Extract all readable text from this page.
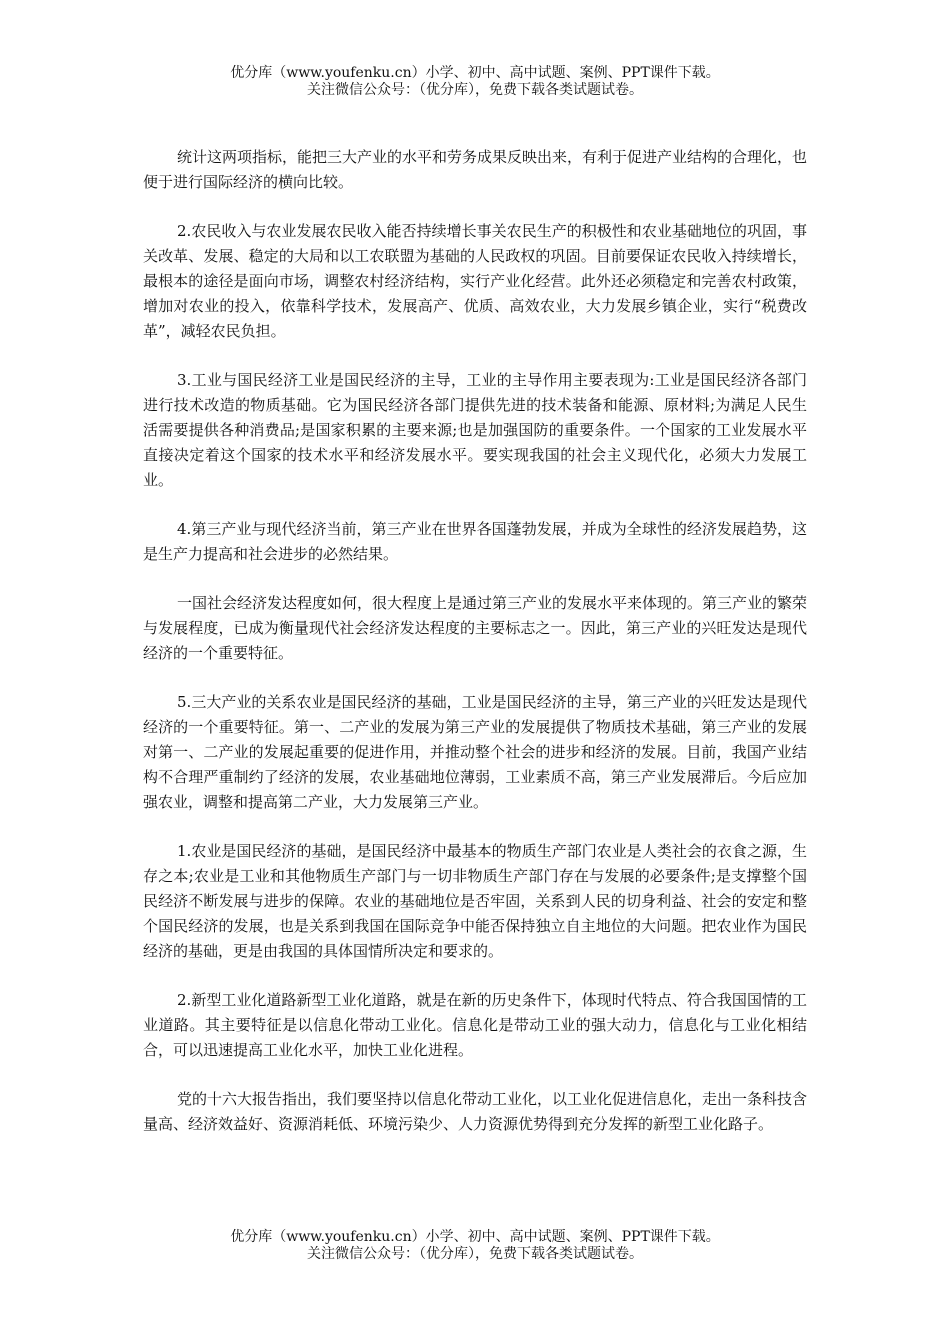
优分库（www.youfenku.cn）小学、初中、高中试题、案例、PPT课件下载。
关注微信公众号：（优分库），免费下载各类试题试卷。

统计这两项指标，能把三大产业的水平和劳务成果反映出来，有利于促进产业结构的合理化，也便于进行国际经济的横向比较。

2.农民收入与农业发展农民收入能否持续增长事关农民生产的积极性和农业基础地位的巩固，事关改革、发展、稳定的大局和以工农联盟为基础的人民政权的巩固。目前要保证农民收入持续增长，最根本的途径是面向市场，调整农村经济结构，实行产业化经营。此外还必须稳定和完善农村政策，增加对农业的投入，依靠科学技术，发展高产、优质、高效农业，大力发展乡镇企业，实行“税费改革”，减轻农民负担。

3.工业与国民经济工业是国民经济的主导，工业的主导作用主要表现为:工业是国民经济各部门进行技术改造的物质基础。它为国民经济各部门提供先进的技术装备和能源、原材料;为满足人民生活需要提供各种消费品;是国家积累的主要来源;也是加强国防的重要条件。一个国家的工业发展水平直接决定着这个国家的技术水平和经济发展水平。要实现我国的社会主义现代化，必须大力发展工业。

4.第三产业与现代经济当前，第三产业在世界各国蓬勃发展，并成为全球性的经济发展趋势，这是生产力提高和社会进步的必然结果。

一国社会经济发达程度如何，很大程度上是通过第三产业的发展水平来体现的。第三产业的繁荣与发展程度，已成为衡量现代社会经济发达程度的主要标志之一。因此，第三产业的兴旺发达是现代经济的一个重要特征。

5.三大产业的关系农业是国民经济的基础，工业是国民经济的主导，第三产业的兴旺发达是现代经济的一个重要特征。第一、二产业的发展为第三产业的发展提供了物质技术基础，第三产业的发展对第一、二产业的发展起重要的促进作用，并推动整个社会的进步和经济的发展。目前，我国产业结构不合理严重制约了经济的发展，农业基础地位薄弱，工业素质不高，第三产业发展滞后。今后应加强农业，调整和提高第二产业，大力发展第三产业。

1.农业是国民经济的基础，是国民经济中最基本的物质生产部门农业是人类社会的衣食之源，生存之本;农业是工业和其他物质生产部门与一切非物质生产部门存在与发展的必要条件;是支撑整个国民经济不断发展与进步的保障。农业的基础地位是否牢固，关系到人民的切身利益、社会的安定和整个国民经济的发展，也是关系到我国在国际竞争中能否保持独立自主地位的大问题。把农业作为国民经济的基础，更是由我国的具体国情所决定和要求的。

2.新型工业化道路新型工业化道路，就是在新的历史条件下，体现时代特点、符合我国国情的工业道路。其主要特征是以信息化带动工业化。信息化是带动工业的强大动力，信息化与工业化相结合，可以迅速提高工业化水平，加快工业化进程。

党的十六大报告指出，我们要坚持以信息化带动工业化，以工业化促进信息化，走出一条科技含量高、经济效益好、资源消耗低、环境污染少、人力资源优势得到充分发挥的新型工业化路子。

优分库（www.youfenku.cn）小学、初中、高中试题、案例、PPT课件下载。
关注微信公众号：（优分库），免费下载各类试题试卷。
